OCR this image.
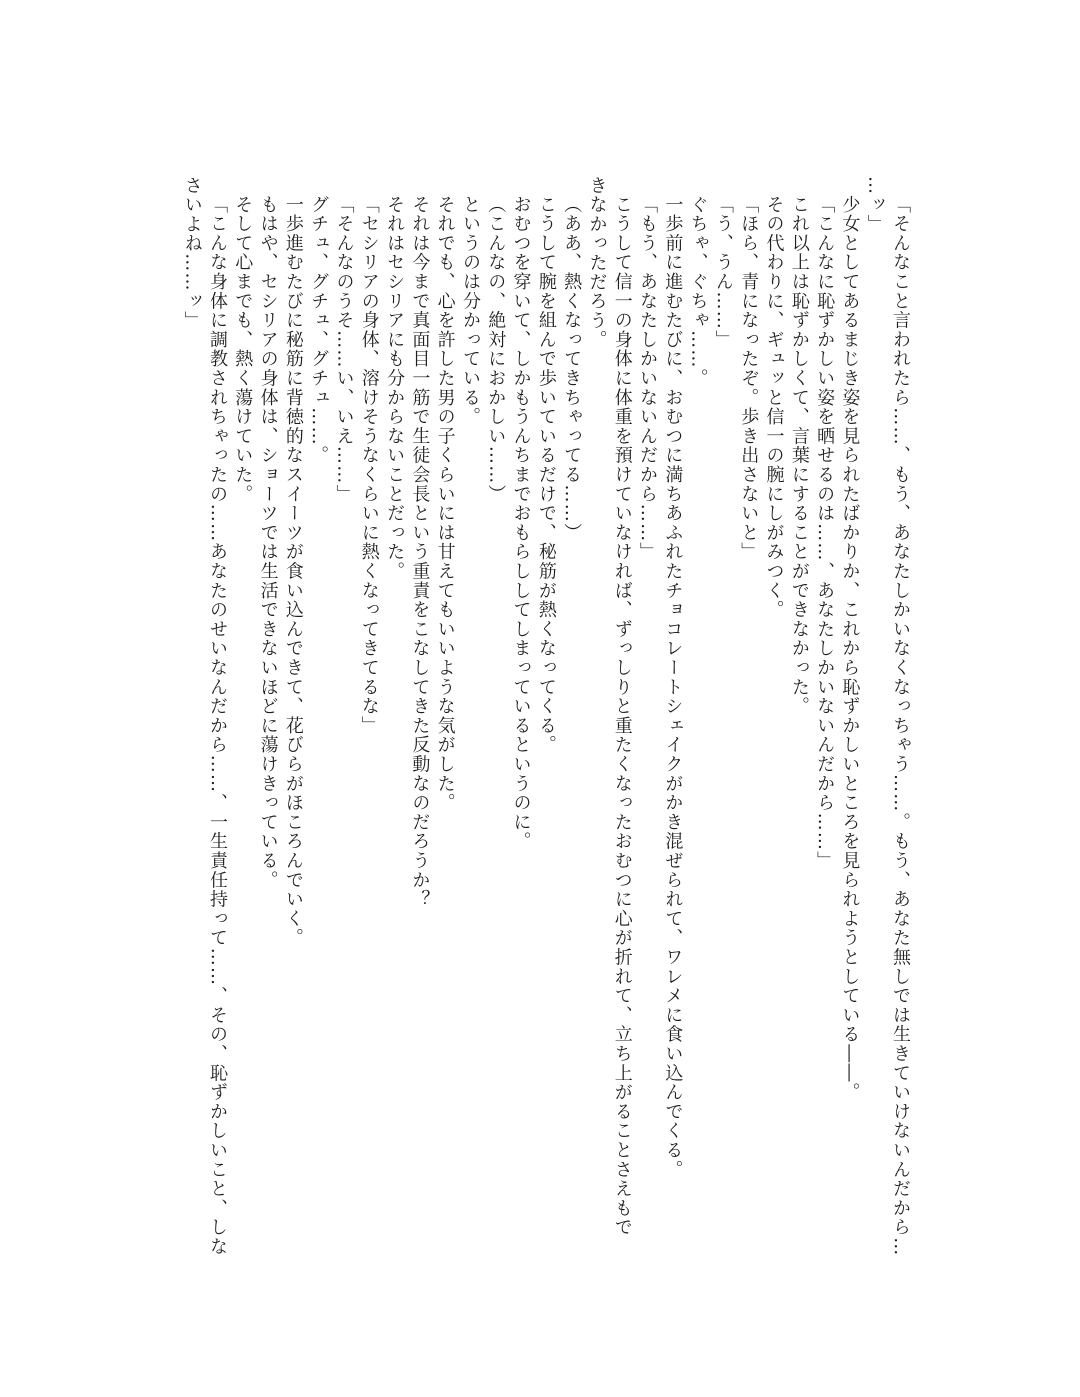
「そんなこと言われたら……、もう、あなたしかいなくなっちゃう……。もう、あなた無しでは生きていけないんだから…
…ッ」
少女としてあるまじき姿を見られたばかりか、これから恥ずかしいところを見られようとしている――。
「こんなに恥ずかしい姿を晒せるのは……、あなたしかいないんだから……」
これ以上は恥ずかしくて、言葉にすることができなかった。
その代わりに、ギュッと信一の腕にしがみつく。
「ほら、青になったぞ。歩き出さないと」
「う、うん……」
ぐちゃ、ぐちゃ……。
一歩前に進むたびに、おむつに満ちあふれたチョコレートシェイクがかき混ぜられて、ワレメに食い込んでくる。
「もう、あなたしかいないんだから……」
こうして信一の身体に体重を預けていなければ、ずっしりと重たくなったおむつに心が折れて、立ち上がることさえもで
きなかっただろう。
（ああ、熱くなってきちゃってる……）
こうして腕を組んで歩いているだけで、秘筋が熱くなってくる。
おむつを穿いて、しかもうんちまでおもらししてしまっているというのに。
（こんなの、絶対におかしい……）
というのは分かっている。
それでも、心を許した男の子くらいには甘えてもいいような気がした。
それは今まで真面目一筋で生徒会長という重責をこなしてきた反動なのだろうか？
それはセシリアにも分からないことだった。
「セシリアの身体、溶けそうなくらいに熱くなってきてるな」
「そんなのうそ……い、いえ……」
グチュ、グチュ、グチュ……。
一歩進むたびに秘筋に背徳的なスイーツが食い込んできて、花びらがほころんでいく。
もはや、セシリアの身体は、ショーツでは生活できないほどに蕩けきっている。
そして心までも、熱く蕩けていた。
「こんな身体に調教されちゃったの……あなたのせいなんだから……、一生責任持って……、その、恥ずかしいこと、しな
さいよね……ッ」
